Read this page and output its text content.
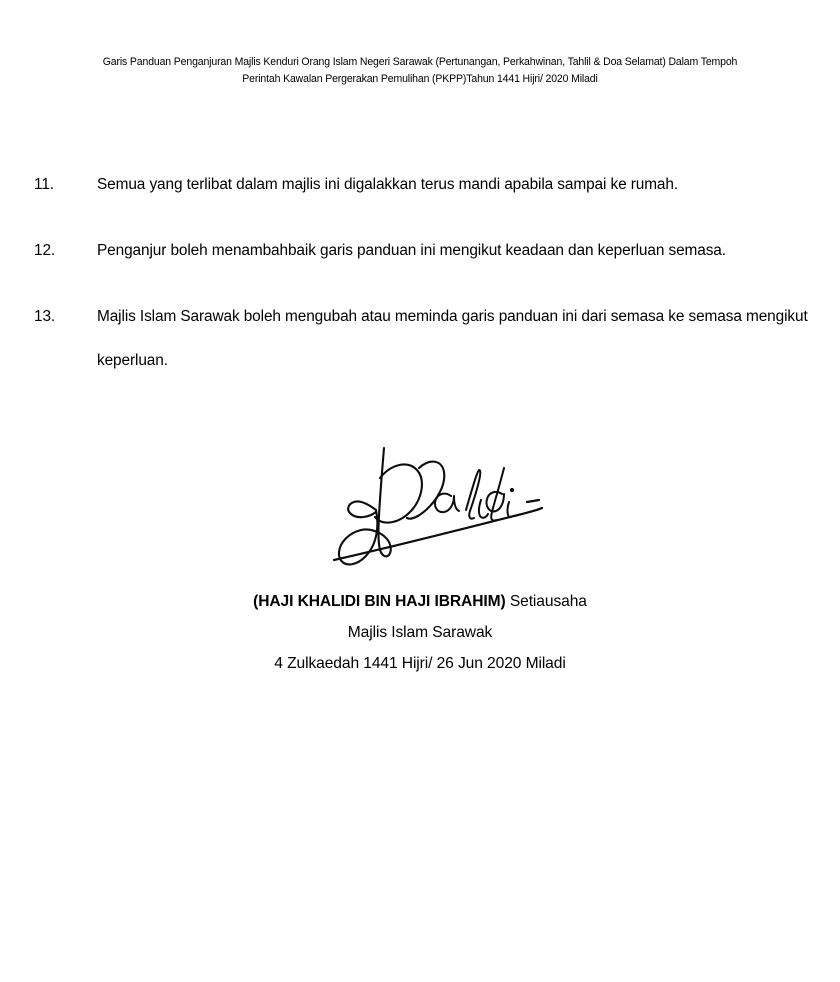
Garis Panduan Penganjuran Majlis Kenduri Orang Islam Negeri Sarawak (Pertunangan, Perkahwinan, Tahlil & Doa Selamat) Dalam Tempoh Perintah Kawalan Pergerakan Pemulihan (PKPP)Tahun 1441 Hijri/ 2020 Miladi
11.	Semua yang terlibat dalam majlis ini digalakkan terus mandi apabila sampai ke rumah.
12.	Penganjur boleh menambahbaik garis panduan ini mengikut keadaan dan keperluan semasa.
13.	Majlis Islam Sarawak boleh mengubah atau meminda garis panduan ini dari semasa ke semasa mengikut keperluan.
(HAJI KHALIDI BIN HAJI IBRAHIM) Setiausaha
Majlis Islam Sarawak
4 Zulkaedah 1441 Hijri/ 26 Jun 2020 Miladi
